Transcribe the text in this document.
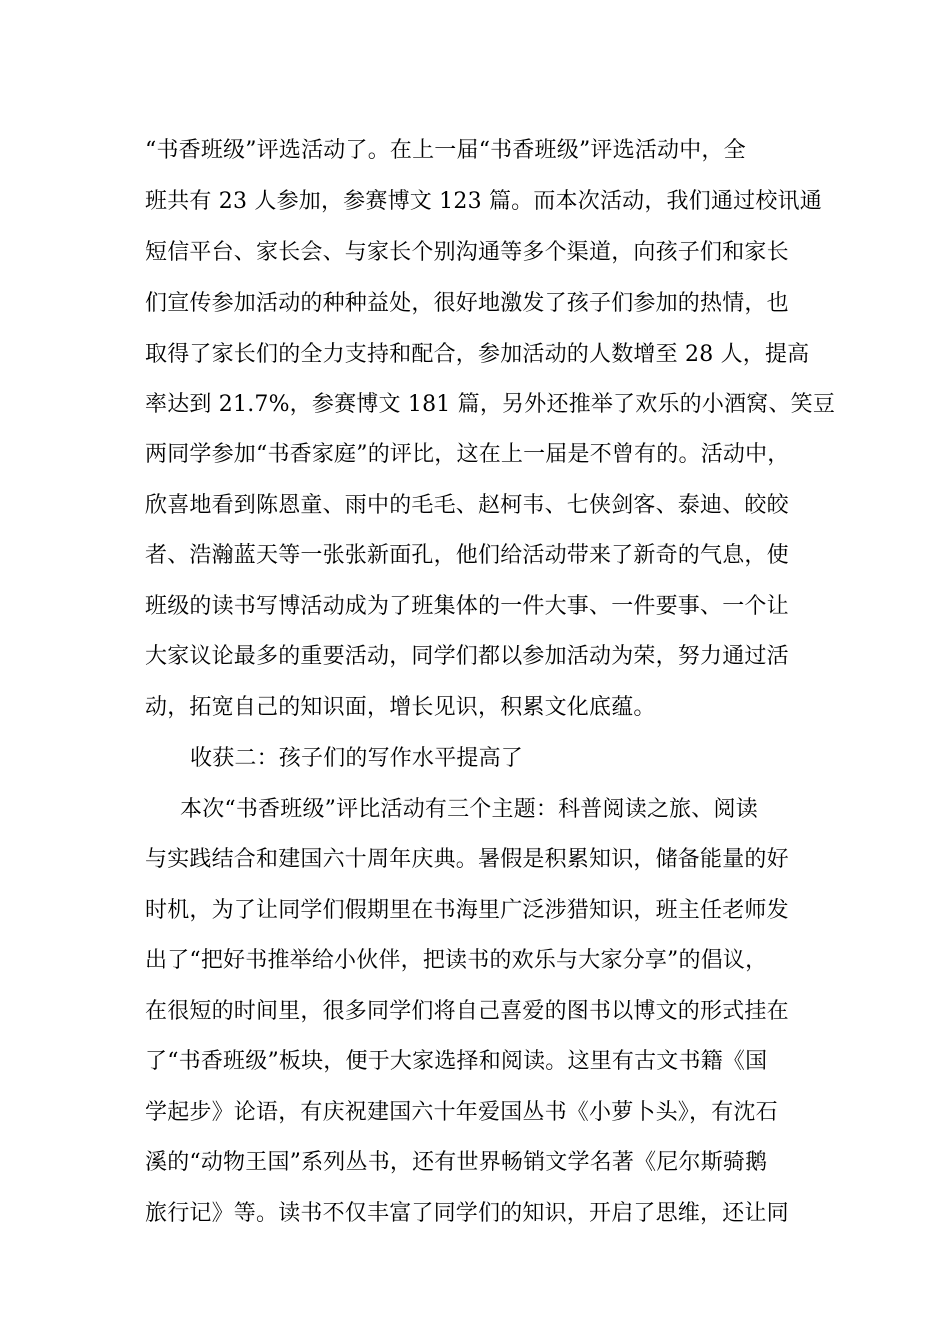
“书香班级”评选活动了。在上一届“书香班级”评选活动中，全
班共有 23 人参加，参赛博文 123 篇。而本次活动，我们通过校讯通
短信平台、家长会、与家长个别沟通等多个渠道，向孩子们和家长
们宣传参加活动的种种益处，很好地激发了孩子们参加的热情，也
取得了家长们的全力支持和配合，参加活动的人数增至 28 人，提高
率达到 21.7%，参赛博文 181 篇，另外还推举了欢乐的小酒窝、笑豆
两同学参加“书香家庭”的评比，这在上一届是不曾有的。活动中，
欣喜地看到陈恩童、雨中的毛毛、赵柯韦、七侠剑客、泰迪、皎皎
者、浩瀚蓝天等一张张新面孔，他们给活动带来了新奇的气息，使
班级的读书写博活动成为了班集体的一件大事、一件要事、一个让
大家议论最多的重要活动，同学们都以参加活动为荣，努力通过活
动，拓宽自己的知识面，增长见识，积累文化底蕴。
收获二：孩子们的写作水平提高了
本次“书香班级”评比活动有三个主题：科普阅读之旅、阅读
与实践结合和建国六十周年庆典。暑假是积累知识，储备能量的好
时机，为了让同学们假期里在书海里广泛涉猎知识，班主任老师发
出了“把好书推举给小伙伴，把读书的欢乐与大家分享”的倡议，
在很短的时间里，很多同学们将自己喜爱的图书以博文的形式挂在
了“书香班级”板块，便于大家选择和阅读。这里有古文书籍《国
学起步》论语，有庆祝建国六十年爱国丛书《小萝卜头》，有沈石
溪的“动物王国”系列丛书，还有世界畅销文学名著《尼尔斯骑鹅
旅行记》等。读书不仅丰富了同学们的知识，开启了思维，还让同
